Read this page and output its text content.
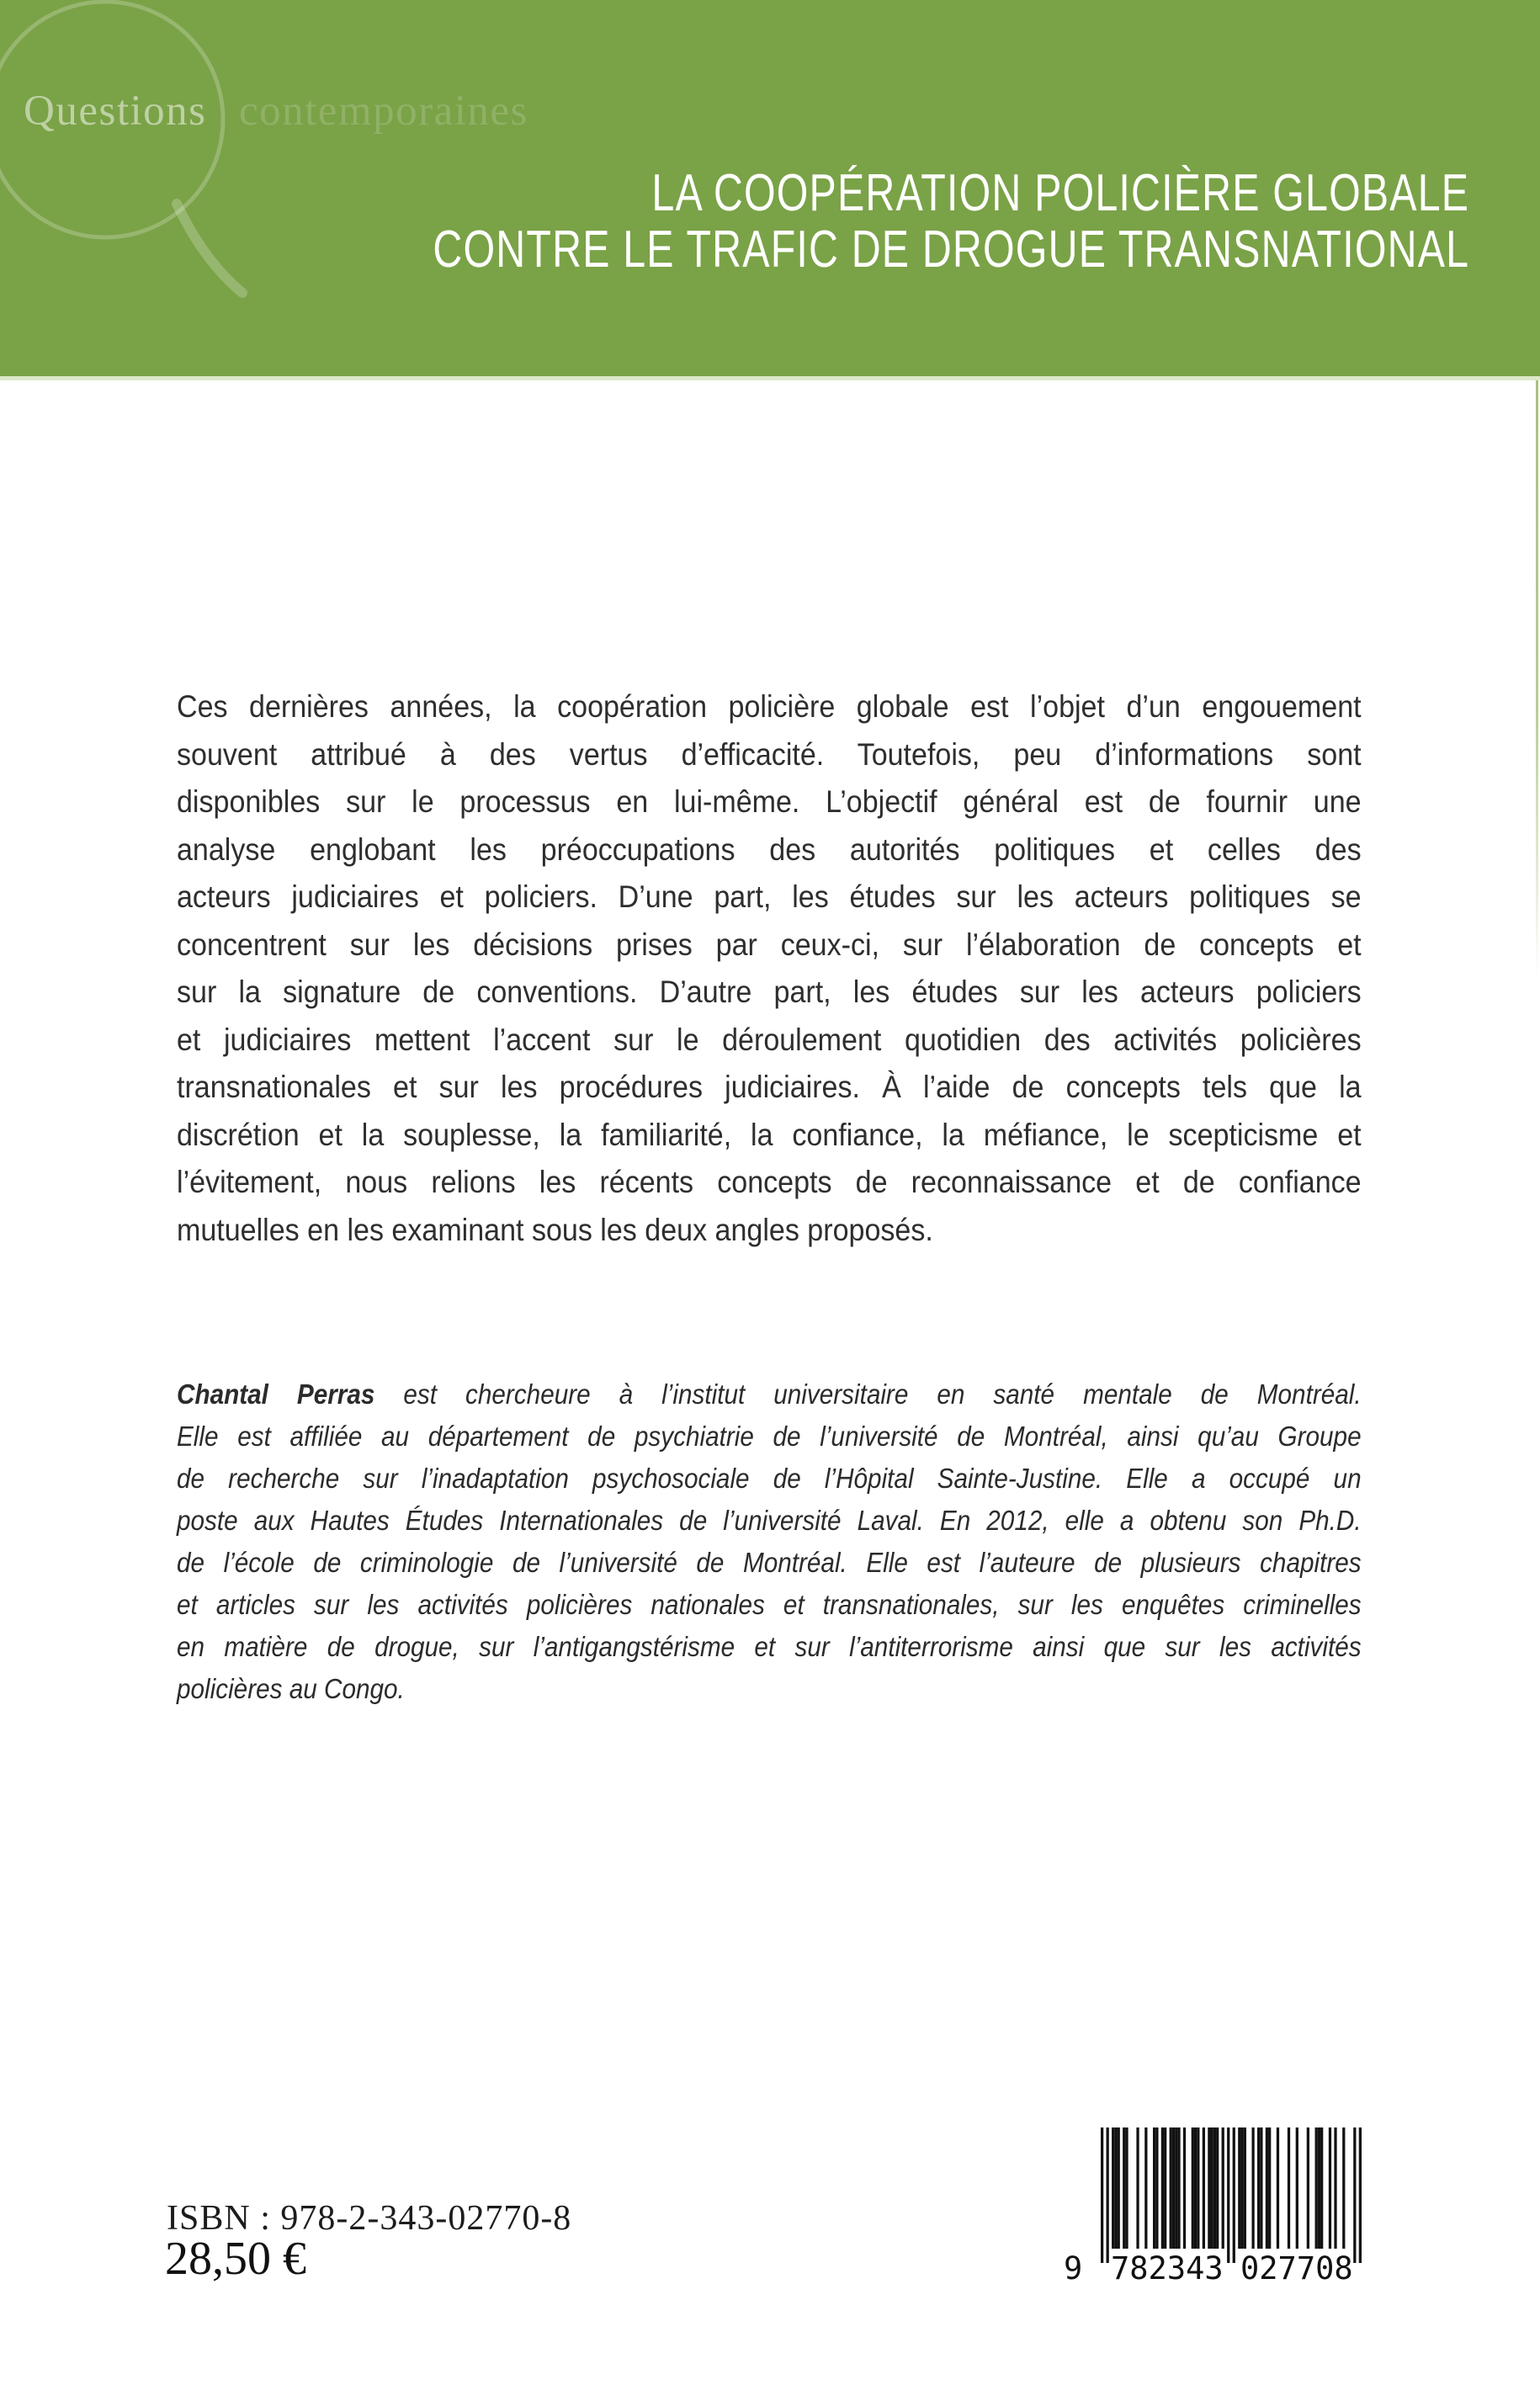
Questions contemporaines
LA COOPÉRATION POLICIÈRE GLOBALE
CONTRE LE TRAFIC DE DROGUE TRANSNATIONAL
Ces dernières années, la coopération policière globale est l’objet d’un engouement
souvent attribué à des vertus d’efficacité. Toutefois, peu d’informations sont
disponibles sur le processus en lui-même. L’objectif général est de fournir une
analyse englobant les préoccupations des autorités politiques et celles des
acteurs judiciaires et policiers. D’une part, les études sur les acteurs politiques se
concentrent sur les décisions prises par ceux-ci, sur l’élaboration de concepts et
sur la signature de conventions. D’autre part, les études sur les acteurs policiers
et judiciaires mettent l’accent sur le déroulement quotidien des activités policières
transnationales et sur les procédures judiciaires. À l’aide de concepts tels que la
discrétion et la souplesse, la familiarité, la confiance, la méfiance, le scepticisme et
l’évitement, nous relions les récents concepts de reconnaissance et de confiance
mutuelles en les examinant sous les deux angles proposés.
Chantal Perras est chercheure à l’institut universitaire en santé mentale de Montréal.
Elle est affiliée au département de psychiatrie de l’université de Montréal, ainsi qu’au Groupe
de recherche sur l’inadaptation psychosociale de l’Hôpital Sainte-Justine. Elle a occupé un
poste aux Hautes Études Internationales de l’université Laval. En 2012, elle a obtenu son Ph.D.
de l’école de criminologie de l’université de Montréal. Elle est l’auteure de plusieurs chapitres
et articles sur les activités policières nationales et transnationales, sur les enquêtes criminelles
en matière de drogue, sur l’antigangstérisme et sur l’antiterrorisme ainsi que sur les activités
policières au Congo.
ISBN : 978-2-343-02770-8
28,50 €	9 782343 027708
